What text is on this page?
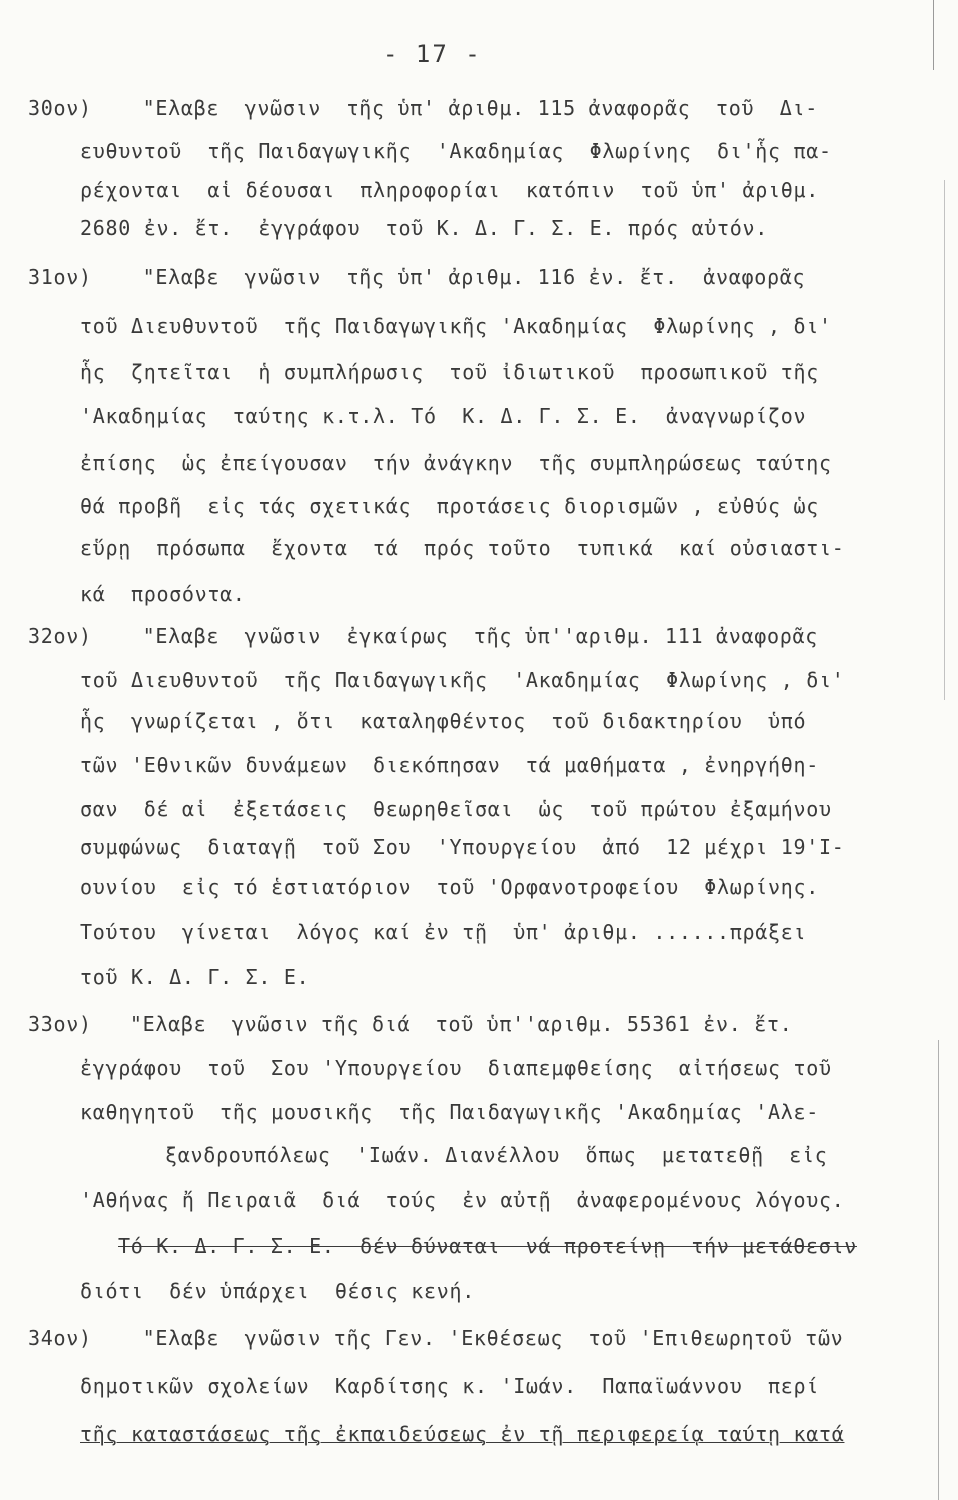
- 17 -
30ον)    "Ελαβε  γνῶσιν  τῆς ὑπ' ἀριθμ. 115 ἀναφορᾶς  τοῦ  Δι-
ευθυντοῦ  τῆς Παιδαγωγικῆς  'Ακαδημίας  Φλωρίνης  δι'ἧς πα-
ρέχονται  αἱ δέουσαι  πληροφορίαι  κατόπιν  τοῦ ὑπ' ἀριθμ.
2680 ἐν. ἔτ.  ἐγγράφου  τοῦ Κ. Δ. Γ. Σ. Ε. πρός αὐτόν.
31ον)    "Ελαβε  γνῶσιν  τῆς ὑπ' ἀριθμ. 116 ἐν. ἔτ.  ἀναφορᾶς
τοῦ Διευθυντοῦ  τῆς Παιδαγωγικῆς 'Ακαδημίας  Φλωρίνης , δι'
ἧς  ζητεῖται  ἡ συμπλήρωσις  τοῦ ἰδιωτικοῦ  προσωπικοῦ τῆς
'Ακαδημίας  ταύτης κ.τ.λ. Τό  Κ. Δ. Γ. Σ. Ε.  ἀναγνωρίζον
ἐπίσης  ὡς ἐπείγουσαν  τήν ἀνάγκην  τῆς συμπληρώσεως ταύτης
θά προβῆ  εἰς τάς σχετικάς  προτάσεις διορισμῶν , εὐθύς ὡς
εὕρῃ  πρόσωπα  ἔχοντα  τά  πρός τοῦτο  τυπικά  καί οὐσιαστι-
κά  προσόντα.
32ον)    "Ελαβε  γνῶσιν  ἐγκαίρως  τῆς ὑπ''αριθμ. 111 ἀναφορᾶς
τοῦ Διευθυντοῦ  τῆς Παιδαγωγικῆς  'Ακαδημίας  Φλωρίνης , δι'
ἧς  γνωρίζεται , ὅτι  καταληφθέντος  τοῦ διδακτηρίου  ὑπό
τῶν 'Εθνικῶν δυνάμεων  διεκόπησαν  τά μαθήματα , ἐνηργήθη-
σαν  δέ αἱ  ἐξετάσεις  θεωρηθεῖσαι  ὡς  τοῦ πρώτου ἐξαμήνου
συμφώνως  διαταγῇ  τοῦ Σου  'Υπουργείου  ἀπό  12 μέχρι 19'Ι-
ουνίου  εἰς τό ἑστιατόριον  τοῦ 'Ορφανοτροφείου  Φλωρίνης.
Τούτου  γίνεται  λόγος καί ἐν τῇ  ὑπ' ἀριθμ. ......πράξει
τοῦ Κ. Δ. Γ. Σ. Ε.
33ον)   "Ελαβε  γνῶσιν τῆς διά  τοῦ ὑπ''αριθμ. 55361 ἐν. ἔτ.
ἐγγράφου  τοῦ  Σου 'Υπουργείου  διαπεμφθείσης  αἰτήσεως τοῦ
καθηγητοῦ  τῆς μουσικῆς  τῆς Παιδαγωγικῆς 'Ακαδημίας 'Αλε-
ξανδρουπόλεως  'Ιωάν. Διανέλλου  ὅπως  μετατεθῇ  εἰς
'Αθήνας ἤ Πειραιᾶ  διά  τούς  ἐν αὐτῇ  ἀναφερομένους λόγους.
Τό Κ. Δ. Γ. Σ. Ε.  δέν δύναται  νά προτείνῃ  τήν μετάθεσιν
διότι  δέν ὑπάρχει  θέσις κενή.
34ον)    "Ελαβε  γνῶσιν τῆς Γεν. 'Εκθέσεως  τοῦ 'Επιθεωρητοῦ τῶν
δημοτικῶν σχολείων  Καρδίτσης κ. 'Ιωάν.  Παπαϊωάννου  περί
τῆς καταστάσεως τῆς ἐκπαιδεύσεως ἐν τῇ περιφερείᾳ ταύτῃ κατά
